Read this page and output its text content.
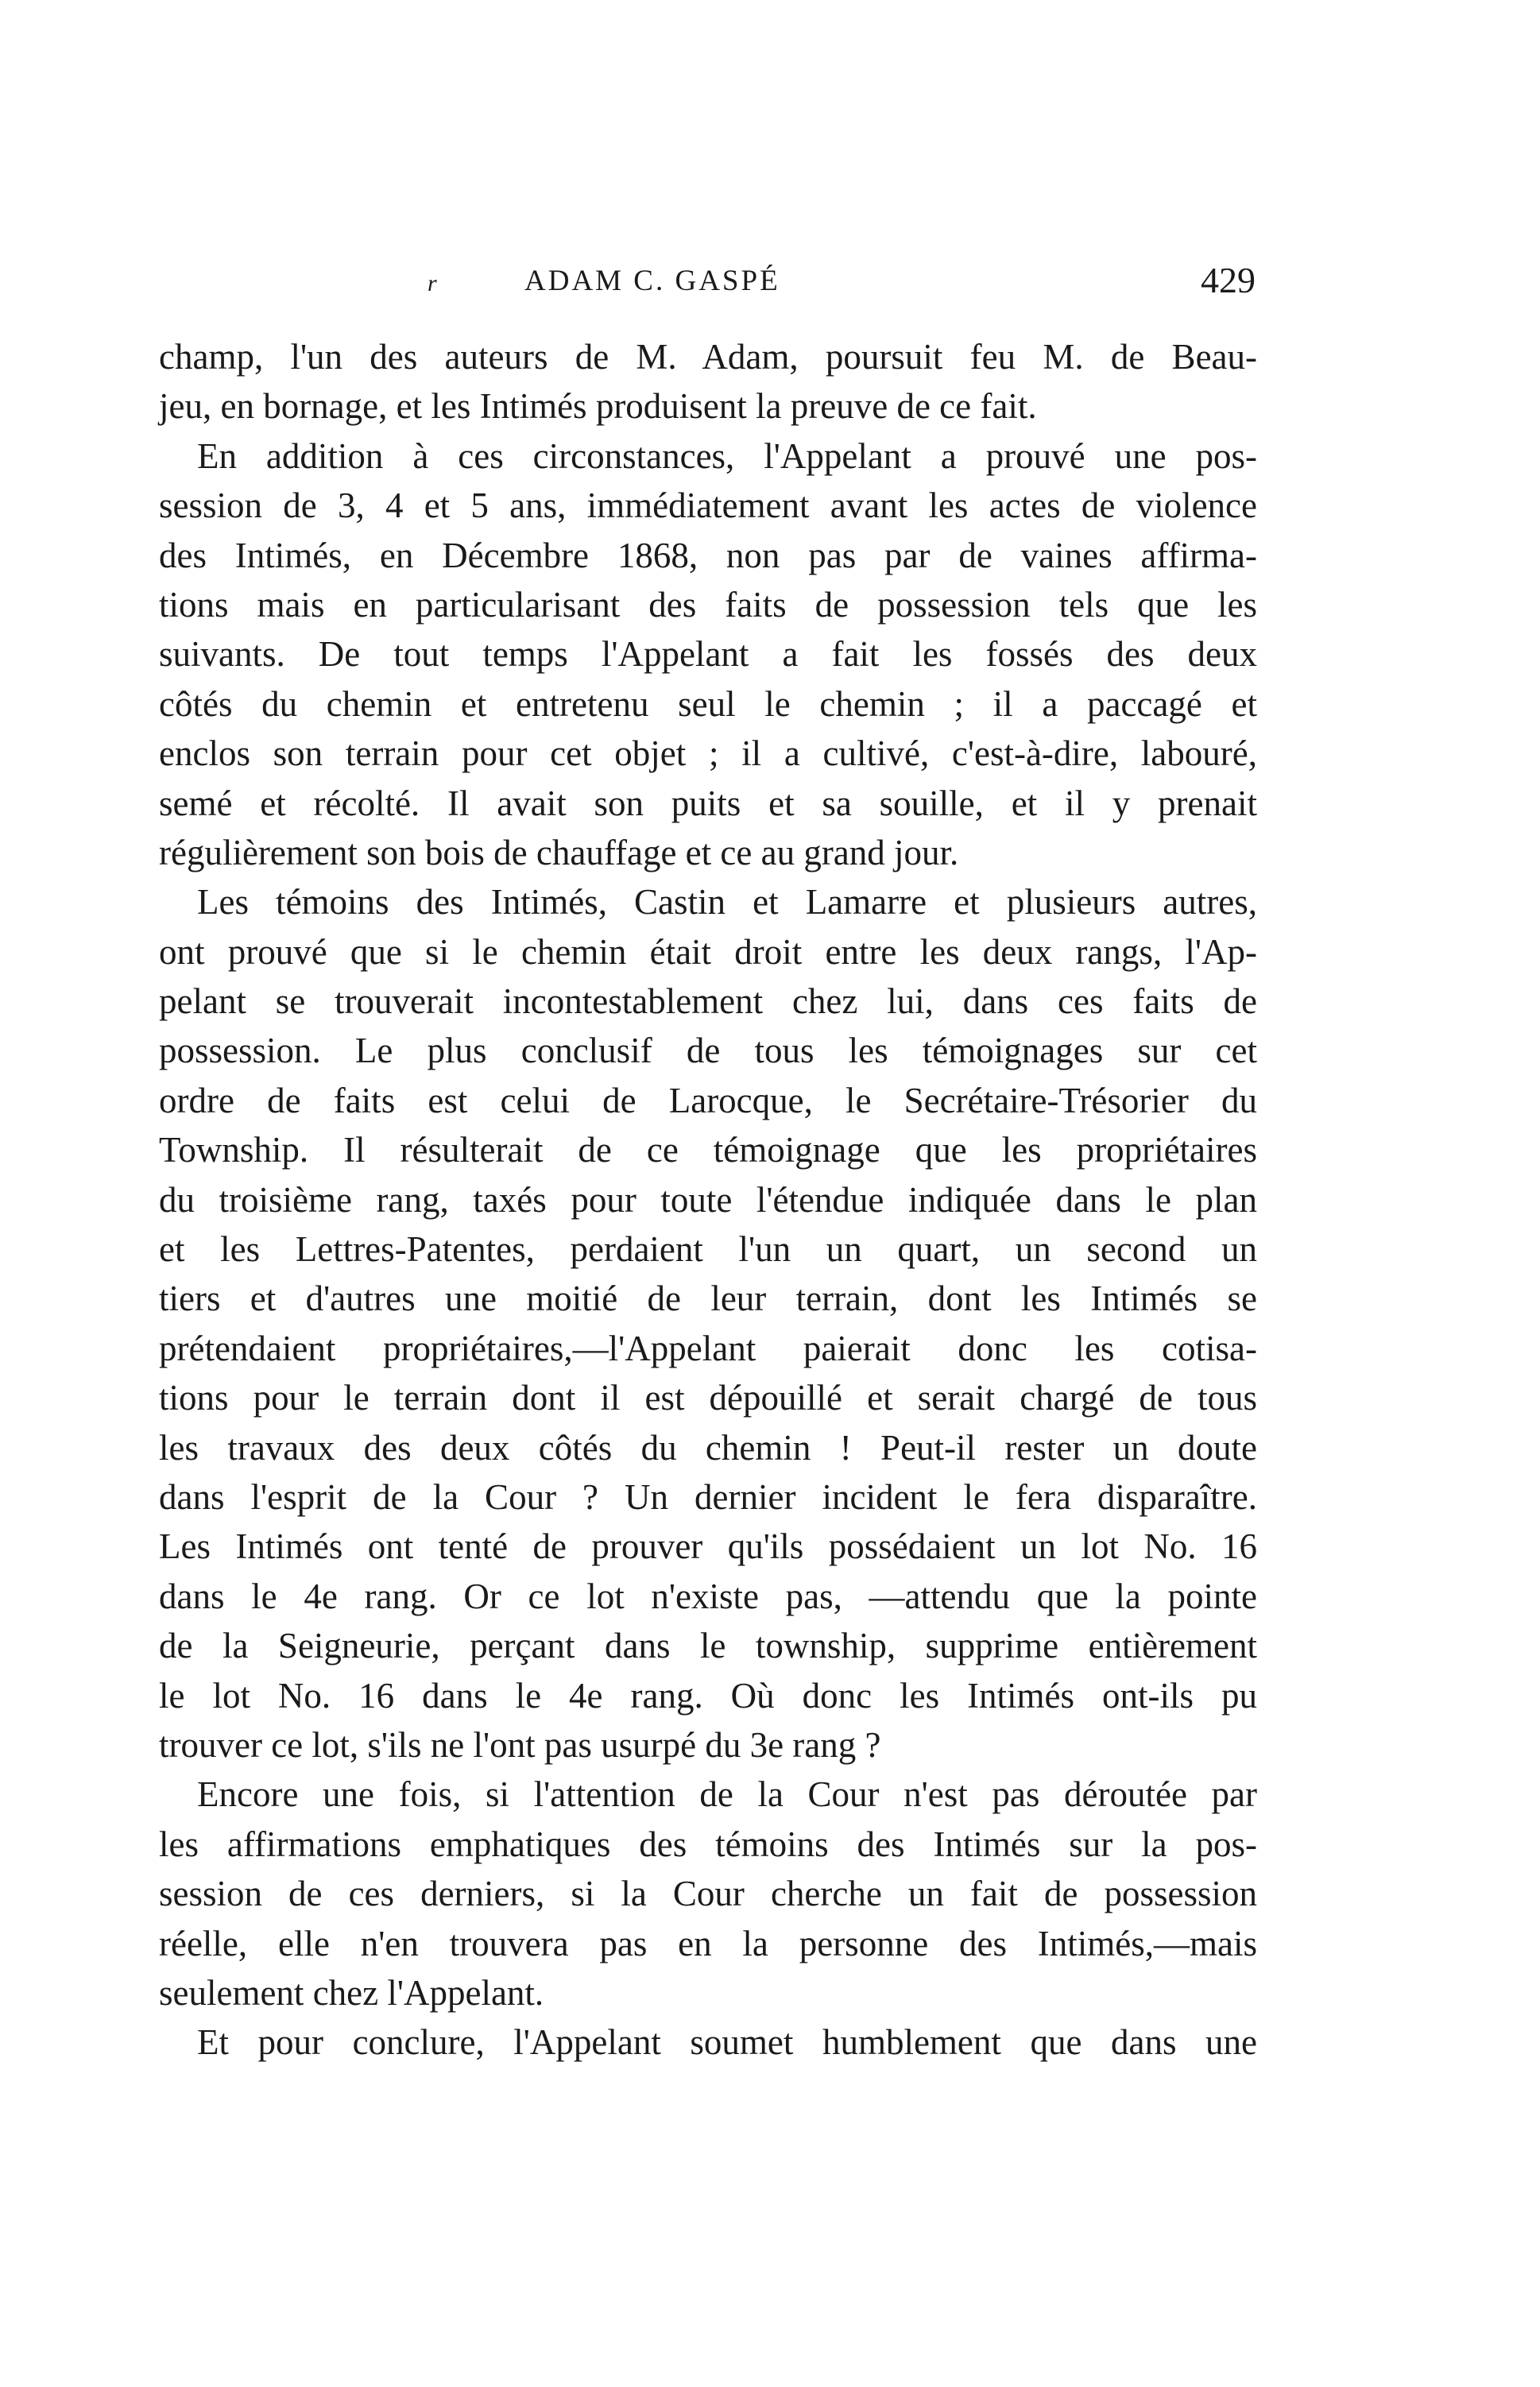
r	ADAM C. GASPÉ	429
champ, l'un des auteurs de M. Adam, poursuit feu M. de Beau-
jeu, en bornage, et les Intimés produisent la preuve de ce fait.
En addition à ces circonstances, l'Appelant a prouvé une pos-
session de 3, 4 et 5 ans, immédiatement avant les actes de violence
des Intimés, en Décembre 1868, non pas par de vaines affirma-
tions mais en particularisant des faits de possession tels que les
suivants. De tout temps l'Appelant a fait les fossés des deux
côtés du chemin et entretenu seul le chemin ; il a paccagé et
enclos son terrain pour cet objet ; il a cultivé, c'est-à-dire, labouré,
semé et récolté. Il avait son puits et sa souille, et il y prenait
régulièrement son bois de chauffage et ce au grand jour.
Les témoins des Intimés, Castin et Lamarre et plusieurs autres,
ont prouvé que si le chemin était droit entre les deux rangs, l'Ap-
pelant se trouverait incontestablement chez lui, dans ces faits de
possession. Le plus conclusif de tous les témoignages sur cet
ordre de faits est celui de Larocque, le Secrétaire-Trésorier du
Township. Il résulterait de ce témoignage que les propriétaires
du troisième rang, taxés pour toute l'étendue indiquée dans le plan
et les Lettres-Patentes, perdaient l'un un quart, un second un
tiers et d'autres une moitié de leur terrain, dont les Intimés se
prétendaient propriétaires,—l'Appelant paierait donc les cotisa-
tions pour le terrain dont il est dépouillé et serait chargé de tous
les travaux des deux côtés du chemin ! Peut-il rester un doute
dans l'esprit de la Cour ? Un dernier incident le fera disparaître.
Les Intimés ont tenté de prouver qu'ils possédaient un lot No. 16
dans le 4e rang. Or ce lot n'existe pas, —attendu que la pointe
de la Seigneurie, perçant dans le township, supprime entièrement
le lot No. 16 dans le 4e rang. Où donc les Intimés ont-ils pu
trouver ce lot, s'ils ne l'ont pas usurpé du 3e rang ?
Encore une fois, si l'attention de la Cour n'est pas déroutée par
les affirmations emphatiques des témoins des Intimés sur la pos-
session de ces derniers, si la Cour cherche un fait de possession
réelle, elle n'en trouvera pas en la personne des Intimés,—mais
seulement chez l'Appelant.
Et pour conclure, l'Appelant soumet humblement que dans une
